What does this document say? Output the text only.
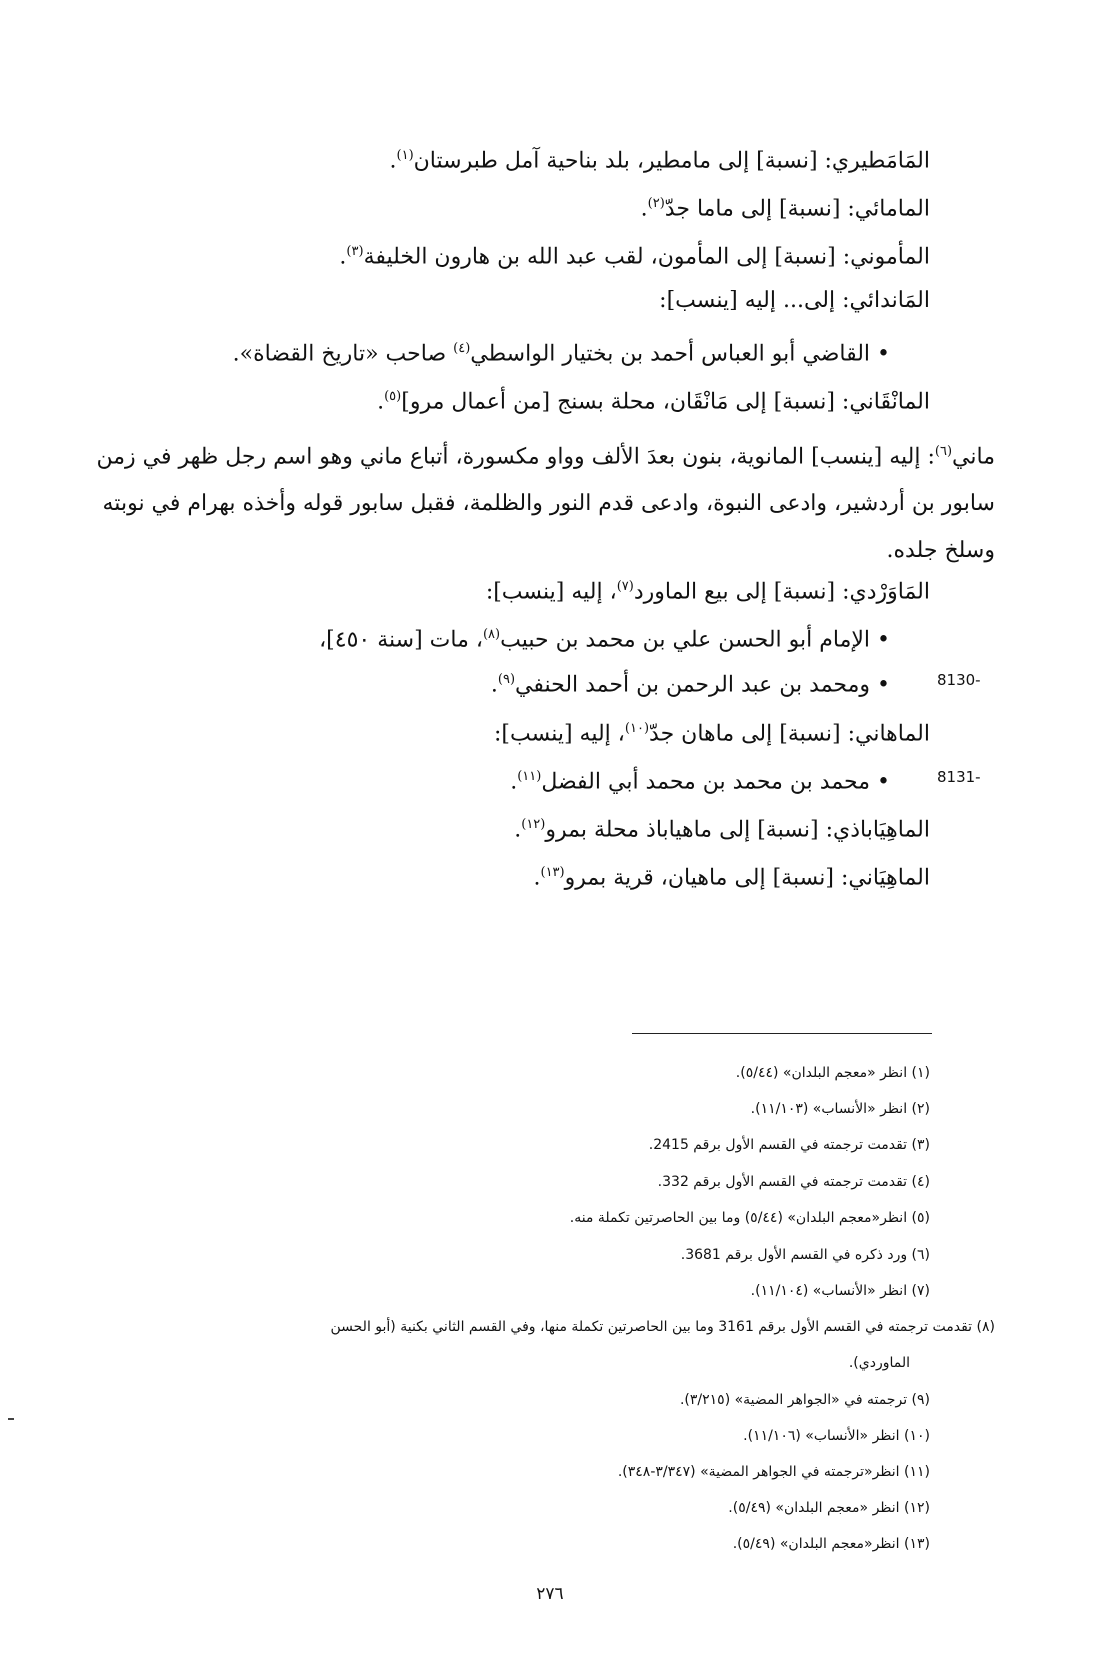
المَامَطيري: [نسبة] إلى مامطير، بلد بناحية آمل طبرستان$^{(١)}$.
المامائي: [نسبة] إلى ماما جدّ$^{(٢)}$.
المأموني: [نسبة] إلى المأمون، لقب عبد الله بن هارون الخليفة$^{(٣)}$.
المَاندائي: إلى... إليه [ينسب]:
• القاضي أبو العباس أحمد بن بختيار الواسطي$^{(٤)}$ صاحب «تاريخ القضاة».
المانْقَاني: [نسبة] إلى مَانْقَان، محلة بسنج [من أعمال مرو]$^{(٥)}$.
ماني$^{(٦)}$: إليه [ينسب] المانوية، بنون بعدَ الألف وواو مكسورة، أتباع ماني وهو اسم رجل ظهر في زمن سابور بن أردشير، وادعى النبوة، وادعى قدم النور والظلمة، فقبل سابور قوله وأخذه بهرام في نوبته وسلخ جلده.
المَاوَرْدي: [نسبة] إلى بيع الماورد$^{(٧)}$، إليه [ينسب]:
• الإمام أبو الحسن علي بن محمد بن حبيب$^{(٨)}$، مات [سنة ٤٥٠]،
• ومحمد بن عبد الرحمن بن أحمد الحنفي$^{(٩)}$.	8130-
الماهاني: [نسبة] إلى ماهان جدّ$^{(١٠)}$، إليه [ينسب]:
• محمد بن محمد بن محمد أبي الفضل$^{(١١)}$.	8131-
الماهِيَاباذي: [نسبة] إلى ماهياباذ محلة بمرو$^{(١٢)}$.
الماهِيَاني: [نسبة] إلى ماهيان، قرية بمرو$^{(١٣)}$.
(١) انظر «معجم البلدان» (٥/٤٤).
(٢) انظر «الأنساب» (١١/١٠٣).
(٣) تقدمت ترجمته في القسم الأول برقم 2415.
(٤) تقدمت ترجمته في القسم الأول برقم 332.
(٥) انظر«معجم البلدان» (٥/٤٤) وما بين الحاصرتين تكملة منه.
(٦) ورد ذكره في القسم الأول برقم 3681.
(٧) انظر «الأنساب» (١١/١٠٤).
(٨) تقدمت ترجمته في القسم الأول برقم 3161 وما بين الحاصرتين تكملة منها، وفي القسم الثاني بكنية (أبو الحسن
الماوردي).
(٩) ترجمته في «الجواهر المضية» (٣/٢١٥).
(١٠) انظر «الأنساب» (١١/١٠٦).
(١١) انظر«ترجمته في الجواهر المضية» (٣/٣٤٧-٣٤٨).
(١٢) انظر «معجم البلدان» (٥/٤٩).
(١٣) انظر«معجم البلدان» (٥/٤٩).
٢٧٦
